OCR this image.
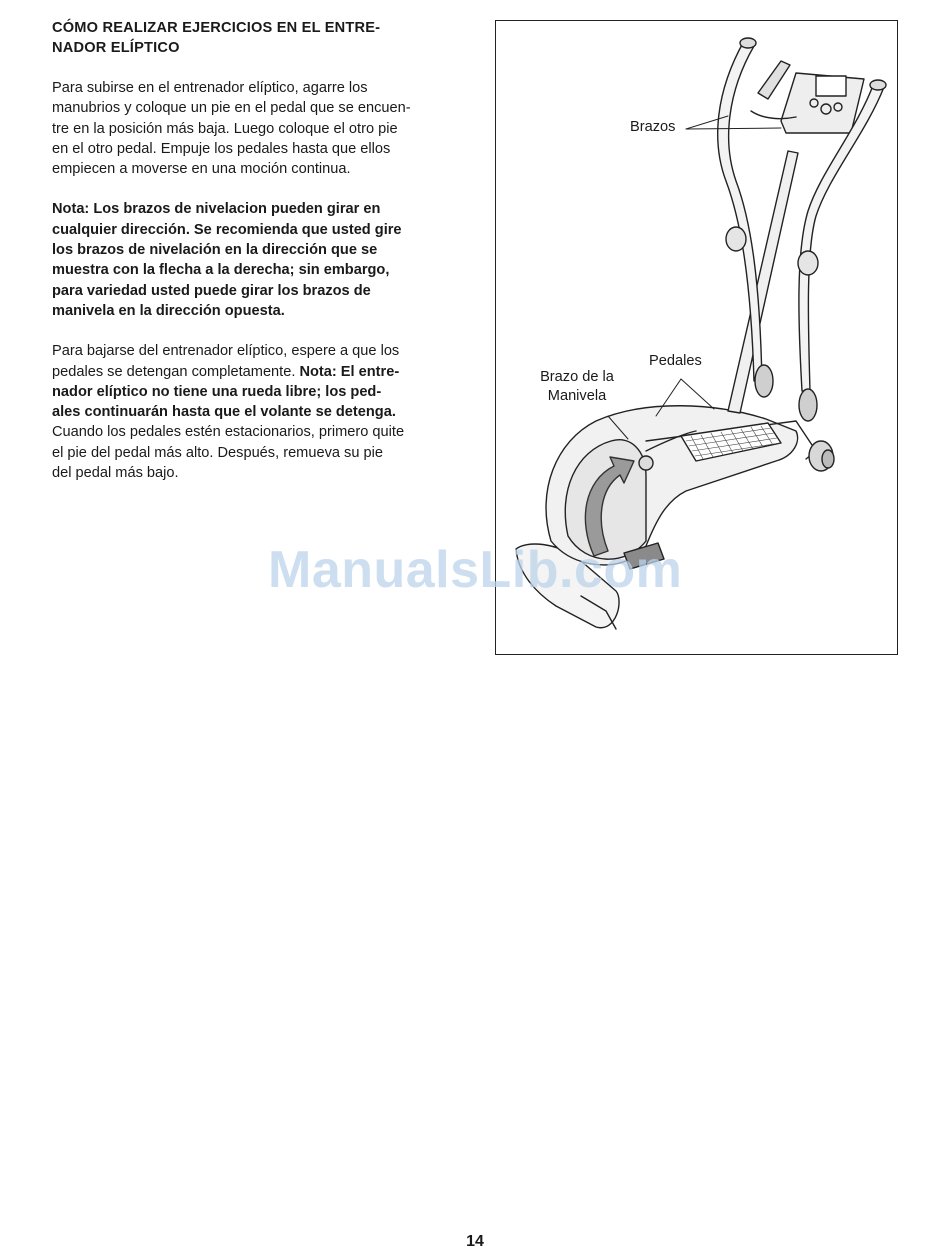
CÓMO REALIZAR EJERCICIOS EN EL ENTRE-
NADOR ELÍPTICO
Para subirse en el entrenador elíptico, agarre los
manubrios y coloque un pie en el pedal que se encuen-
tre en la posición más baja. Luego coloque el otro pie
en el otro pedal. Empuje los pedales hasta que ellos
empiecen a moverse en una moción continua.
Nota: Los brazos de nivelacion pueden girar en
cualquier dirección. Se recomienda que usted gire
los brazos de nivelación en la dirección que se
muestra con la flecha a la derecha; sin embargo,
para variedad usted puede girar los brazos de
manivela en la dirección opuesta.
Para bajarse del entrenador elíptico, espere a que los
pedales se detengan completamente. Nota: El entre-
nador elíptico no tiene una rueda libre; los ped-
ales continuarán hasta que el volante se detenga.
Cuando los pedales estén estacionarios, primero quite
el pie del pedal más alto. Después, remueva su pie
del pedal más bajo.
Brazos
Pedales
Brazo de la
Manivela
ManualsLib.com
14
